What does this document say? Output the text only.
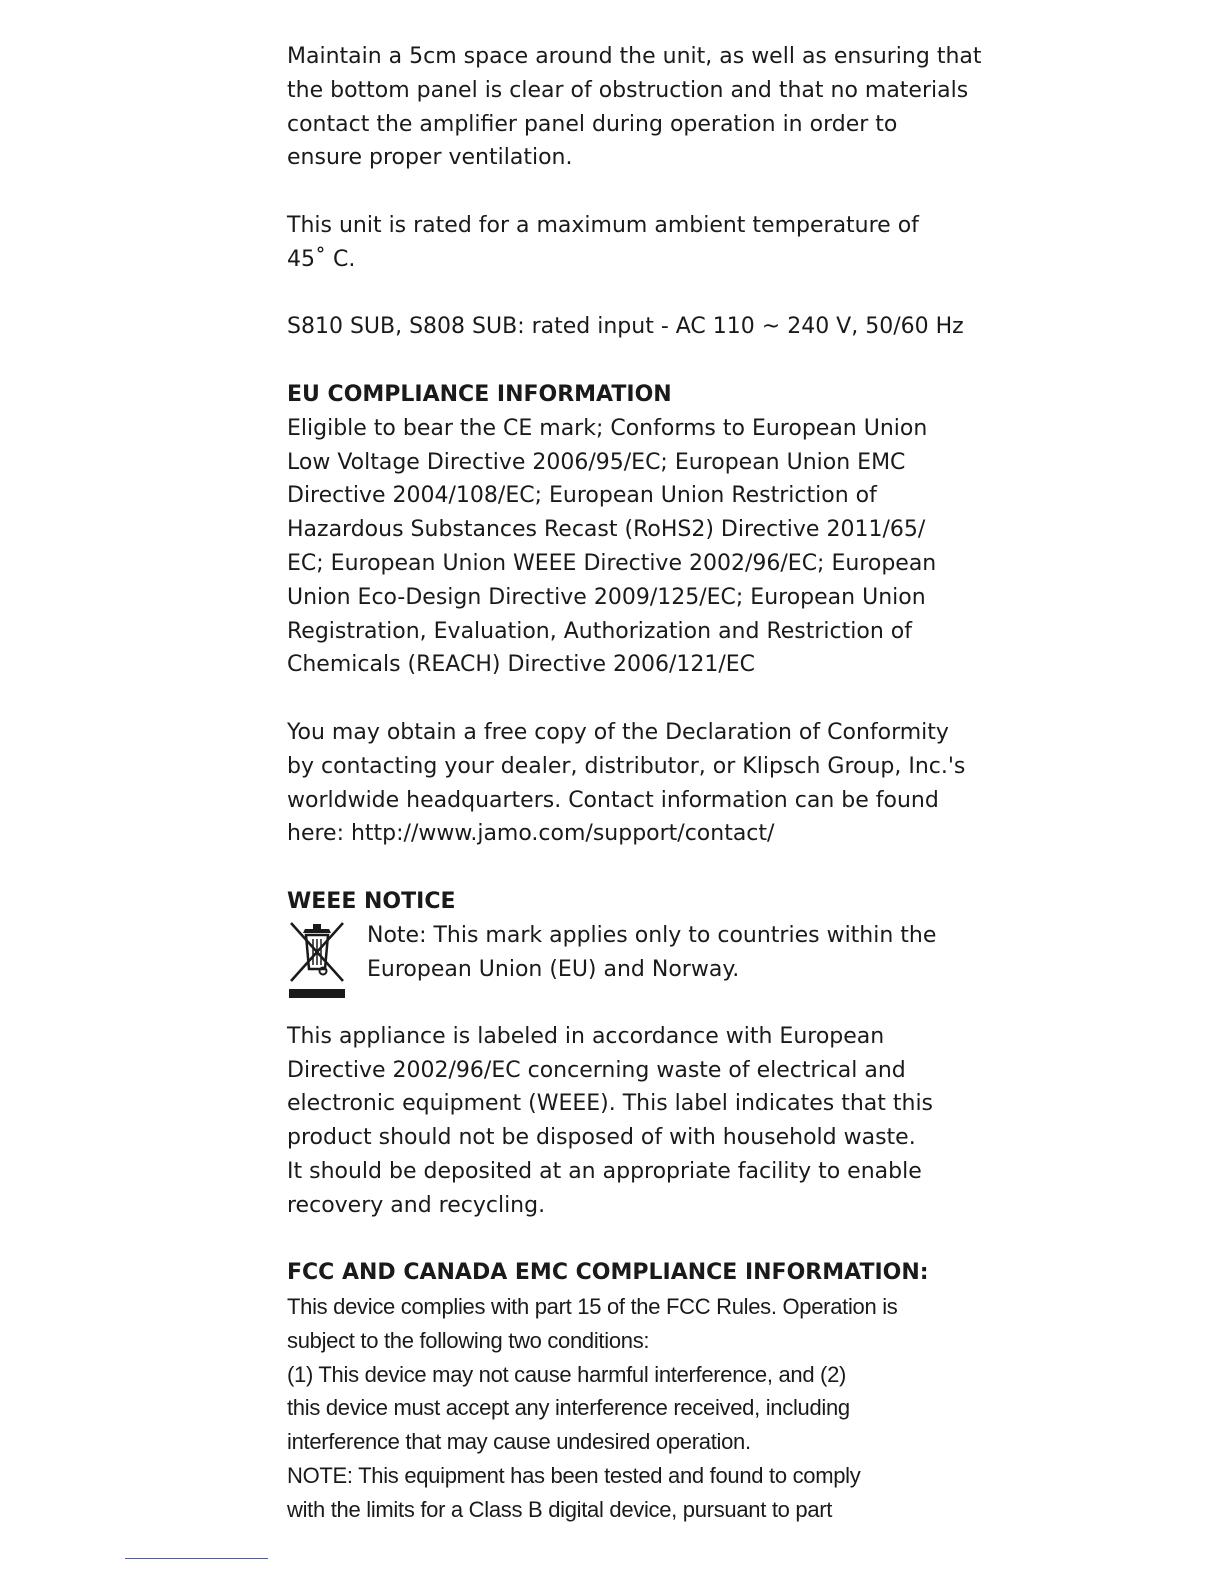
Maintain a 5cm space around the unit, as well as ensuring that
the bottom panel is clear of obstruction and that no materials
contact the amplifier panel during operation in order to
ensure proper ventilation.
This unit is rated for a maximum ambient temperature of
45˚ C.
S810 SUB, S808 SUB: rated input - AC 110 ~ 240 V, 50/60 Hz
EU COMPLIANCE INFORMATION
Eligible to bear the CE mark; Conforms to European Union
Low Voltage Directive 2006/95/EC; European Union EMC
Directive 2004/108/EC; European Union Restriction of
Hazardous Substances Recast (RoHS2) Directive 2011/65/
EC; European Union WEEE Directive 2002/96/EC; European
Union Eco-Design Directive 2009/125/EC; European Union
Registration, Evaluation, Authorization and Restriction of
Chemicals (REACH) Directive 2006/121/EC
You may obtain a free copy of the Declaration of Conformity
by contacting your dealer, distributor, or Klipsch Group, Inc.'s
worldwide headquarters. Contact information can be found
here: http://www.jamo.com/support/contact/
WEEE NOTICE
Note: This mark applies only to countries within the
European Union (EU) and Norway.
This appliance is labeled in accordance with European
Directive 2002/96/EC concerning waste of electrical and
electronic equipment (WEEE). This label indicates that this
product should not be disposed of with household waste.
It should be deposited at an appropriate facility to enable
recovery and recycling.
FCC AND CANADA EMC COMPLIANCE INFORMATION:
This device complies with part 15 of the FCC Rules. Operation is
subject to the following two conditions:
(1) This device may not cause harmful interference, and (2)
this device must accept any interference received, including
interference that may cause undesired operation.
NOTE: This equipment has been tested and found to comply
with the limits for a Class B digital device, pursuant to part
